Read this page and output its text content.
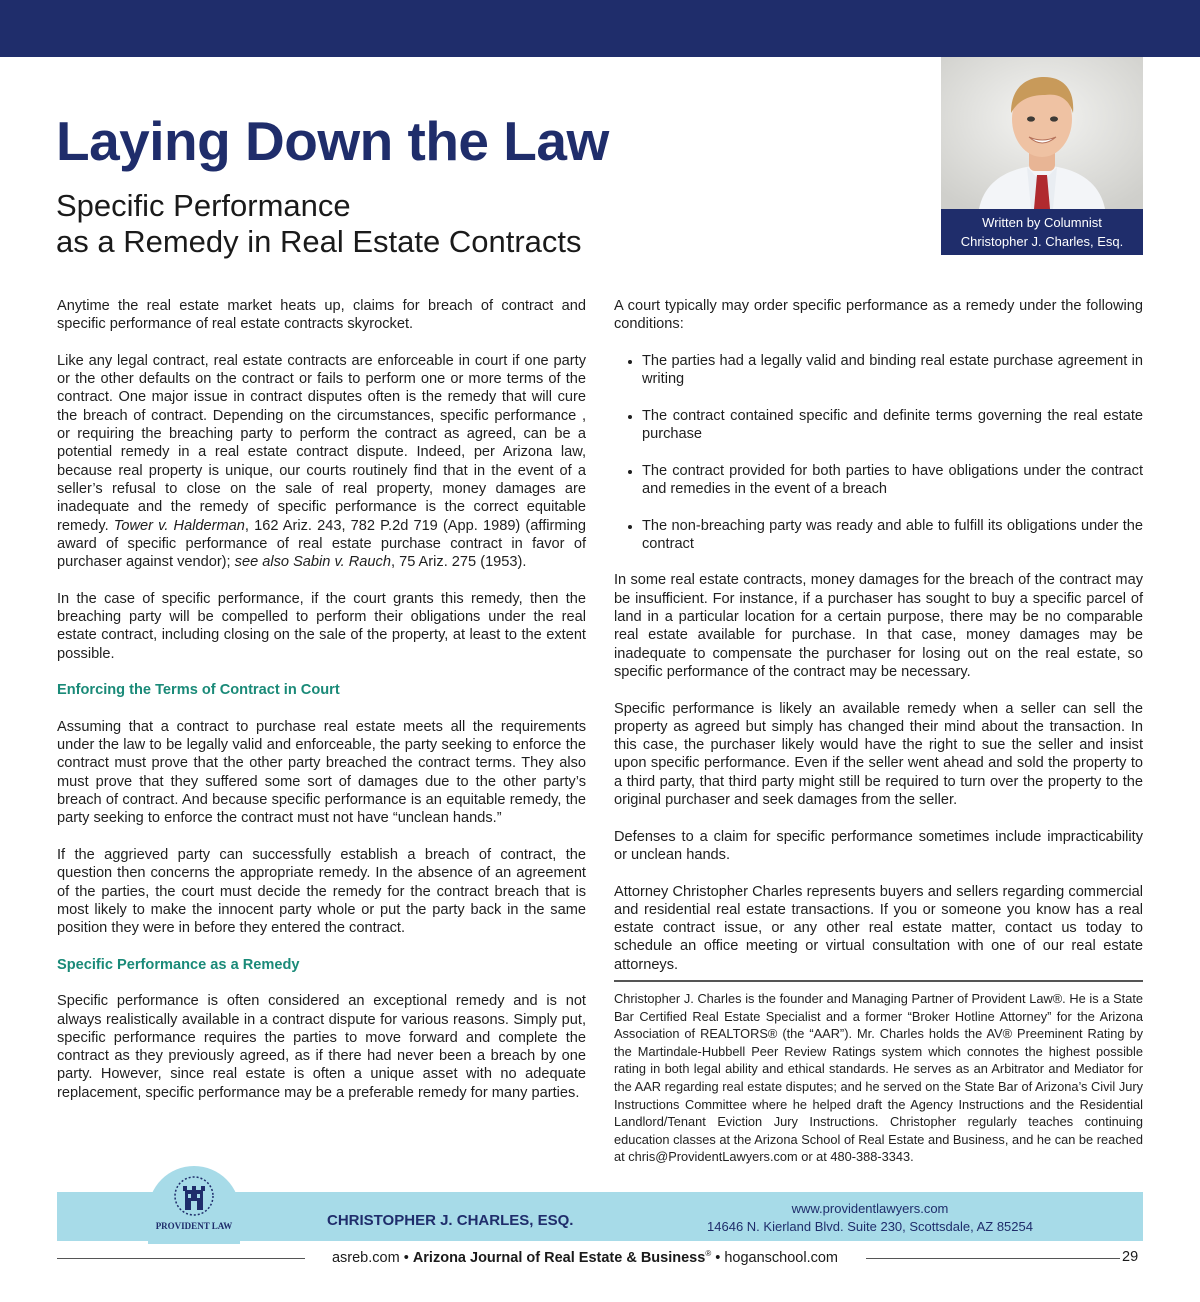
Laying Down the Law
Specific Performance
as a Remedy in Real Estate Contracts
Written by Columnist
Christopher J. Charles, Esq.

Anytime the real estate market heats up, claims for breach of contract and specific performance of real estate contracts skyrocket.

Like any legal contract, real estate contracts are enforceable in court if one party or the other defaults on the contract or fails to perform one or more terms of the contract. One major issue in contract disputes often is the remedy that will cure the breach of contract. Depending on the circumstances, specific performance , or requiring the breaching party to perform the contract as agreed, can be a potential remedy in a real estate contract dispute. Indeed, per Arizona law, because real property is unique, our courts routinely find that in the event of a seller’s refusal to close on the sale of real property, money damages are inadequate and the remedy of specific performance is the correct equitable remedy. Tower v. Halderman, 162 Ariz. 243, 782 P.2d 719 (App. 1989) (affirming award of specific performance of real estate purchase contract in favor of purchaser against vendor); see also Sabin v. Rauch, 75 Ariz. 275 (1953).

In the case of specific performance, if the court grants this remedy, then the breaching party will be compelled to perform their obligations under the real estate contract, including closing on the sale of the property, at least to the extent possible.

Enforcing the Terms of Contract in Court

Assuming that a contract to purchase real estate meets all the requirements under the law to be legally valid and enforceable, the party seeking to enforce the contract must prove that the other party breached the contract terms. They also must prove that they suffered some sort of damages due to the other party’s breach of contract. And because specific performance is an equitable remedy, the party seeking to enforce the contract must not have “unclean hands.”

If the aggrieved party can successfully establish a breach of contract, the question then concerns the appropriate remedy. In the absence of an agreement of the parties, the court must decide the remedy for the contract breach that is most likely to make the innocent party whole or put the party back in the same position they were in before they entered the contract.

Specific Performance as a Remedy

Specific performance is often considered an exceptional remedy and is not always realistically available in a contract dispute for various reasons. Simply put, specific performance requires the parties to move forward and complete the contract as they previously agreed, as if there had never been a breach by one party. However, since real estate is often a unique asset with no adequate replacement, specific performance may be a preferable remedy for many parties.

A court typically may order specific performance as a remedy under the following conditions:

• The parties had a legally valid and binding real estate purchase agreement in writing
• The contract contained specific and definite terms governing the real estate purchase
• The contract provided for both parties to have obligations under the contract and remedies in the event of a breach
• The non-breaching party was ready and able to fulfill its obligations under the contract

In some real estate contracts, money damages for the breach of the contract may be insufficient. For instance, if a purchaser has sought to buy a specific parcel of land in a particular location for a certain purpose, there may be no comparable real estate available for purchase. In that case, money damages may be inadequate to compensate the purchaser for losing out on the real estate, so specific performance of the contract may be necessary.

Specific performance is likely an available remedy when a seller can sell the property as agreed but simply has changed their mind about the transaction. In this case, the purchaser likely would have the right to sue the seller and insist upon specific performance. Even if the seller went ahead and sold the property to a third party, that third party might still be required to turn over the property to the original purchaser and seek damages from the seller.

Defenses to a claim for specific performance sometimes include impracticability or unclean hands.

Attorney Christopher Charles represents buyers and sellers regarding commercial and residential real estate transactions. If you or someone you know has a real estate contract issue, or any other real estate matter, contact us today to schedule an office meeting or virtual consultation with one of our real estate attorneys.

Christopher J. Charles is the founder and Managing Partner of Provident Law®. He is a State Bar Certified Real Estate Specialist and a former “Broker Hotline Attorney” for the Arizona Association of REALTORS® (the “AAR”). Mr. Charles holds the AV® Preeminent Rating by the Martindale-Hubbell Peer Review Ratings system which connotes the highest possible rating in both legal ability and ethical standards. He serves as an Arbitrator and Mediator for the AAR regarding real estate disputes; and he served on the State Bar of Arizona’s Civil Jury Instructions Committee where he helped draft the Agency Instructions and the Residential Landlord/Tenant Eviction Jury Instructions. Christopher regularly teaches continuing education classes at the Arizona School of Real Estate and Business, and he can be reached at chris@ProvidentLawyers.com or at 480-388-3343.

PROVIDENT LAW	CHRISTOPHER J. CHARLES, ESQ.
www.providentlawyers.com
14646 N. Kierland Blvd. Suite 230, Scottsdale, AZ 85254
asreb.com • Arizona Journal of Real Estate & Business® • hoganschool.com	29
